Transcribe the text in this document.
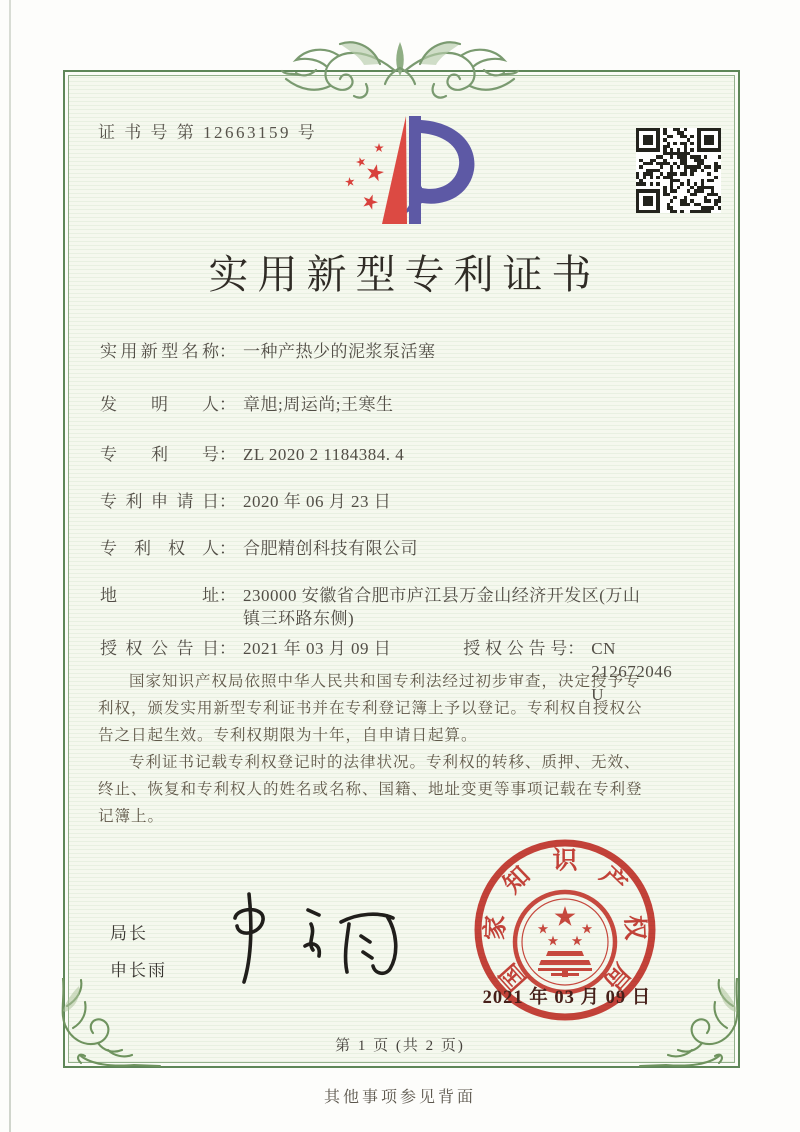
证 书 号 第 12663159 号
实用新型专利证书
实用新型名称 ： 一种产热少的泥浆泵活塞
发明人 ： 章旭;周运尚;王寒生
专利号 ： ZL 2020 2 1184384. 4
专利申请日 ： 2020 年 06 月 23 日
专利权人 ： 合肥精创科技有限公司
地址 ： 230000 安徽省合肥市庐江县万金山经济开发区(万山镇三环路东侧)
授权公告日 ： 2021 年 03 月 09 日	授权公告号 ： CN 212672046 U

国家知识产权局依照中华人民共和国专利法经过初步审查，决定授予专利权，颁发实用新型专利证书并在专利登记簿上予以登记。专利权自授权公告之日起生效。专利权期限为十年，自申请日起算。

专利证书记载专利权登记时的法律状况。专利权的转移、质押、无效、终止、恢复和专利权人的姓名或名称、国籍、地址变更等事项记载在专利登记簿上。

局长
申长雨	国
家
知
识
产
权
局
2021 年 03 月 09 日
第 1 页 (共 2 页)
其他事项参见背面
